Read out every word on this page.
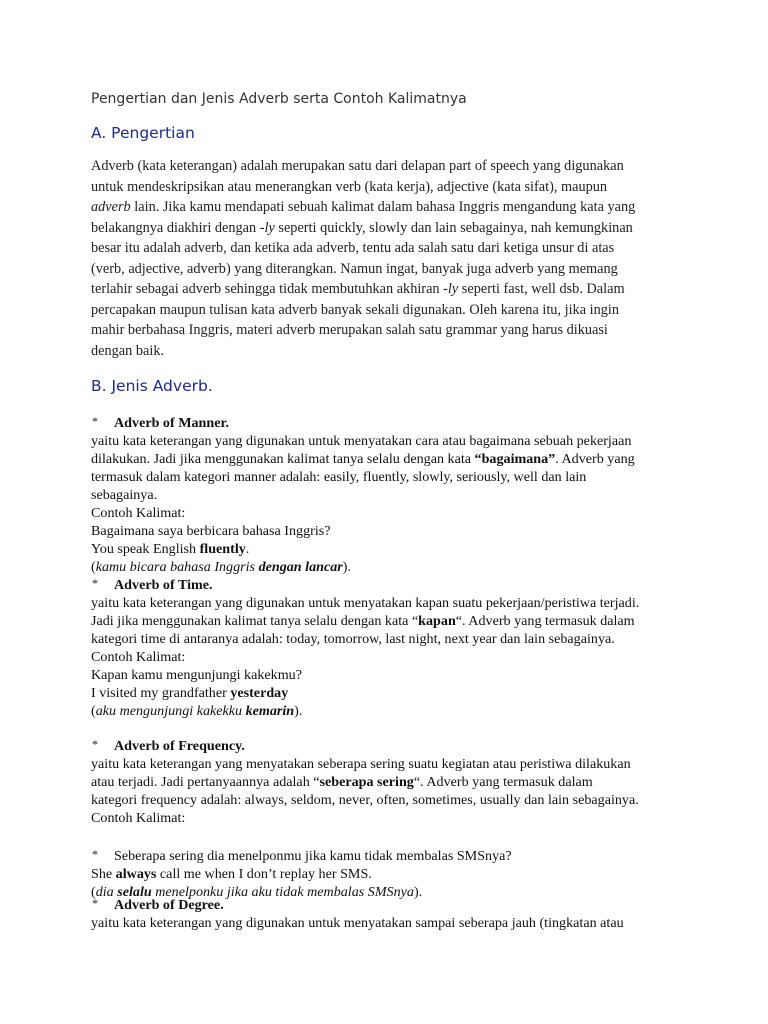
Pengertian dan Jenis Adverb serta Contoh Kalimatnya
A. Pengertian
Adverb (kata keterangan) adalah merupakan satu dari delapan part of speech yang digunakan
untuk mendeskripsikan atau menerangkan verb (kata kerja), adjective (kata sifat), maupun
adverb lain. Jika kamu mendapati sebuah kalimat dalam bahasa Inggris mengandung kata yang
belakangnya diakhiri dengan -ly seperti quickly, slowly dan lain sebagainya, nah kemungkinan
besar itu adalah adverb, dan ketika ada adverb, tentu ada salah satu dari ketiga unsur di atas
(verb, adjective, adverb) yang diterangkan. Namun ingat, banyak juga adverb yang memang
terlahir sebagai adverb sehingga tidak membutuhkan akhiran -ly seperti fast, well dsb. Dalam
percapakan maupun tulisan kata adverb banyak sekali digunakan. Oleh karena itu, jika ingin
mahir berbahasa Inggris, materi adverb merupakan salah satu grammar yang harus dikuasi
dengan baik.
B. Jenis Adverb.
* Adverb of Manner.
yaitu kata keterangan yang digunakan untuk menyatakan cara atau bagaimana sebuah pekerjaan
dilakukan. Jadi jika menggunakan kalimat tanya selalu dengan kata “bagaimana”. Adverb yang
termasuk dalam kategori manner adalah: easily, fluently, slowly, seriously, well dan lain
sebagainya.
Contoh Kalimat:
Bagaimana saya berbicara bahasa Inggris?
You speak English fluently.
(kamu bicara bahasa Inggris dengan lancar).
* Adverb of Time.
yaitu kata keterangan yang digunakan untuk menyatakan kapan suatu pekerjaan/peristiwa terjadi.
Jadi jika menggunakan kalimat tanya selalu dengan kata “kapan“. Adverb yang termasuk dalam
kategori time di antaranya adalah: today, tomorrow, last night, next year dan lain sebagainya.
Contoh Kalimat:
Kapan kamu mengunjungi kakekmu?
I visited my grandfather yesterday
(aku mengunjungi kakekku kemarin).
* Adverb of Frequency.
yaitu kata keterangan yang menyatakan seberapa sering suatu kegiatan atau peristiwa dilakukan
atau terjadi. Jadi pertanyaannya adalah “seberapa sering“. Adverb yang termasuk dalam
kategori frequency adalah: always, seldom, never, often, sometimes, usually dan lain sebagainya.
Contoh Kalimat:
* Seberapa sering dia menelponmu jika kamu tidak membalas SMSnya?
She always call me when I don’t replay her SMS.
(dia selalu menelponku jika aku tidak membalas SMSnya).
* Adverb of Degree.
yaitu kata keterangan yang digunakan untuk menyatakan sampai seberapa jauh (tingkatan atau
